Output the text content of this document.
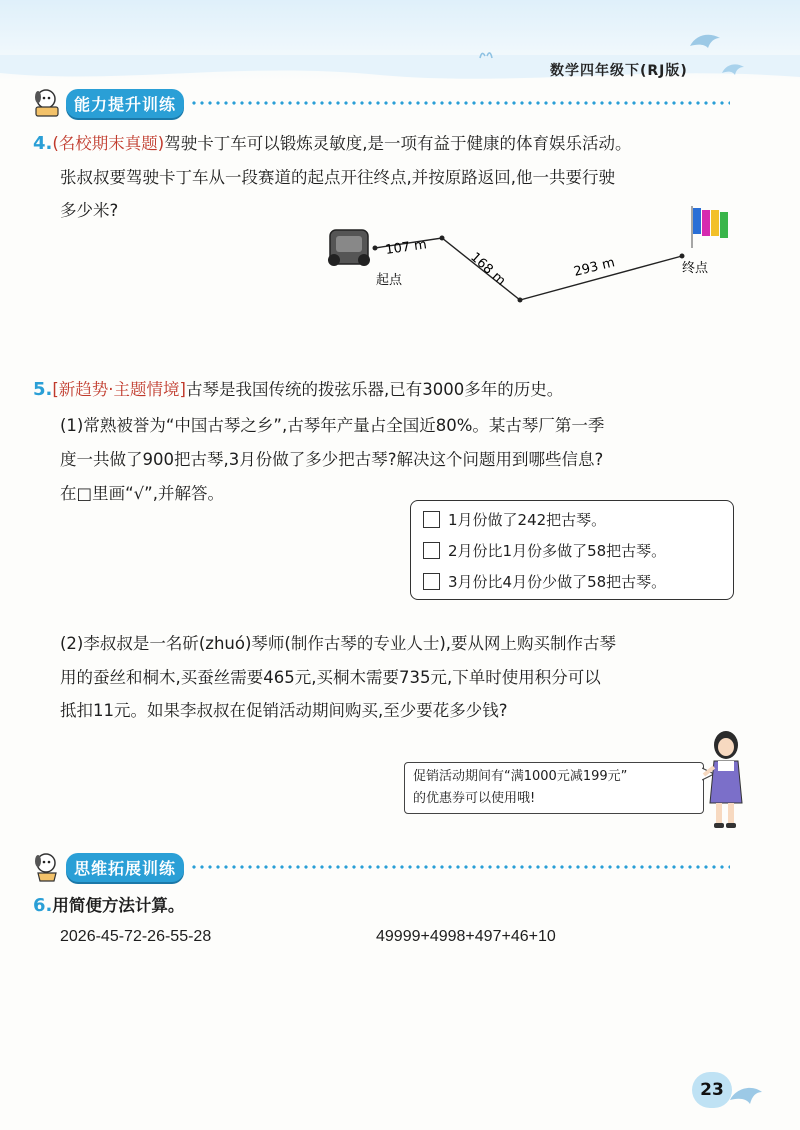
数学四年级下(RJ版)
能力提升训练
4.(名校期末真题)驾驶卡丁车可以锻炼灵敏度,是一项有益于健康的体育娱乐活动。
张叔叔要驾驶卡丁车从一段赛道的起点开往终点,并按原路返回,他一共要行驶
多少米?
107 m
168 m	293 m
起点
终点
5.[新趋势·主题情境]古琴是我国传统的拨弦乐器,已有3000多年的历史。
(1)常熟被誉为“中国古琴之乡”,古琴年产量占全国近80%。某古琴厂第一季
度一共做了900把古琴,3月份做了多少把古琴?解决这个问题用到哪些信息?
在□里画“√”,并解答。
1月份做了242把古琴。
2月份比1月份多做了58把古琴。
3月份比4月份少做了58把古琴。
(2)李叔叔是一名斫(zhuó)琴师(制作古琴的专业人士),要从网上购买制作古琴
用的蚕丝和桐木,买蚕丝需要465元,买桐木需要735元,下单时使用积分可以
抵扣11元。如果李叔叔在促销活动期间购买,至少要花多少钱?
促销活动期间有“满1000元减199元”
的优惠券可以使用哦!
思维拓展训练
6.用简便方法计算。
2026-45-72-26-55-28	49999+4998+497+46+10
23
